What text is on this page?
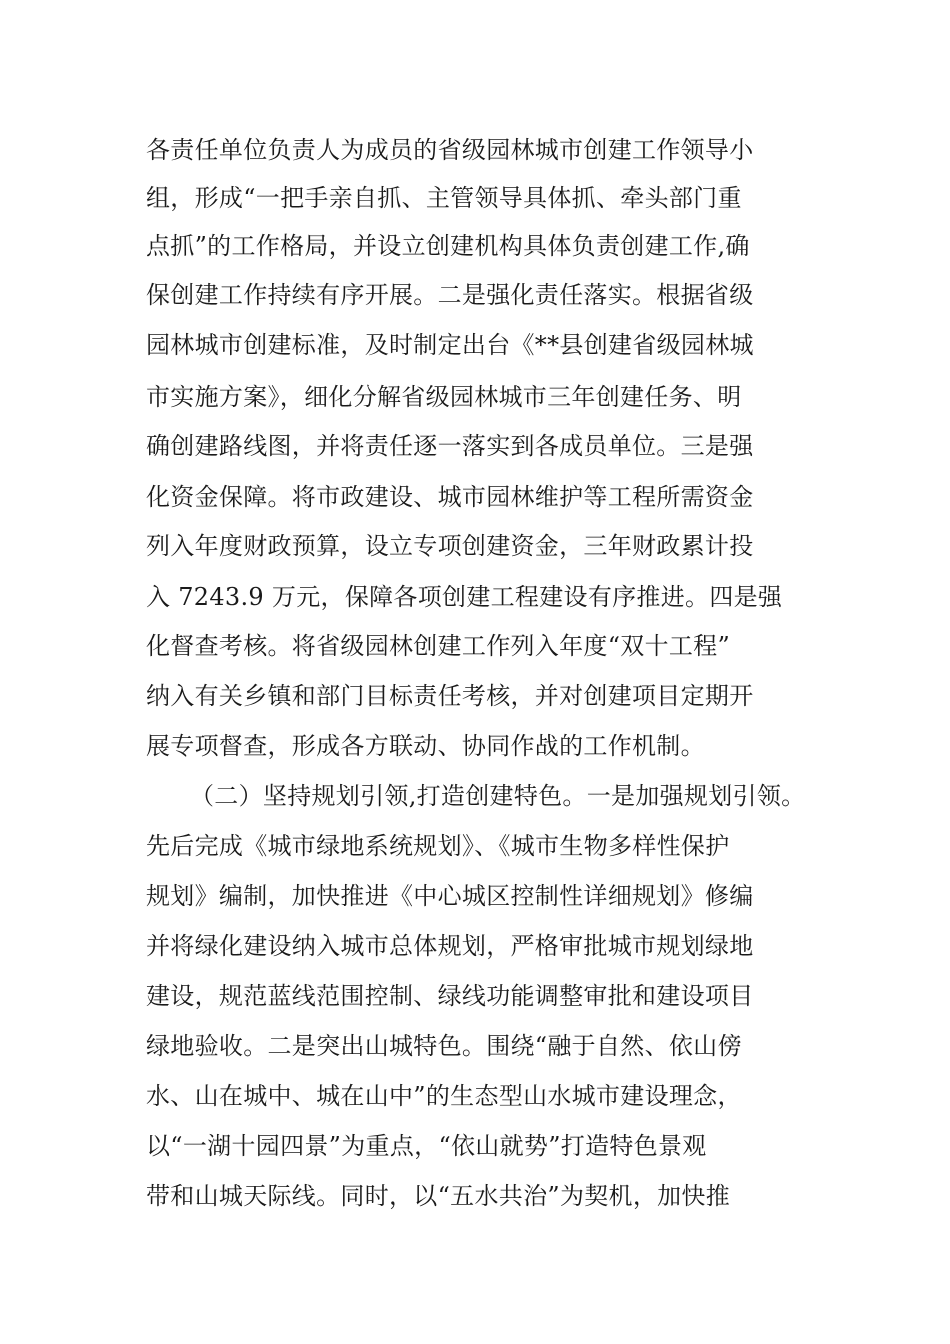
各责任单位负责人为成员的省级园林城市创建工作领导小
组，形成“一把手亲自抓、主管领导具体抓、牵头部门重
点抓”的工作格局，并设立创建机构具体负责创建工作,确
保创建工作持续有序开展。二是强化责任落实。根据省级
园林城市创建标准，及时制定出台《**县创建省级园林城
市实施方案》，细化分解省级园林城市三年创建任务、明
确创建路线图，并将责任逐一落实到各成员单位。三是强
化资金保障。将市政建设、城市园林维护等工程所需资金
列入年度财政预算，设立专项创建资金，三年财政累计投
入 7243.9 万元，保障各项创建工程建设有序推进。四是强
化督查考核。将省级园林创建工作列入年度“双十工程”
纳入有关乡镇和部门目标责任考核，并对创建项目定期开
展专项督查，形成各方联动、协同作战的工作机制。
（二）坚持规划引领,打造创建特色。一是加强规划引领。
先后完成《城市绿地系统规划》、《城市生物多样性保护
规划》编制，加快推进《中心城区控制性详细规划》修编
并将绿化建设纳入城市总体规划，严格审批城市规划绿地
建设，规范蓝线范围控制、绿线功能调整审批和建设项目
绿地验收。二是突出山城特色。围绕“融于自然、依山傍
水、山在城中、城在山中”的生态型山水城市建设理念，
以“一湖十园四景”为重点，“依山就势”打造特色景观
带和山城天际线。同时，以“五水共治”为契机，加快推
